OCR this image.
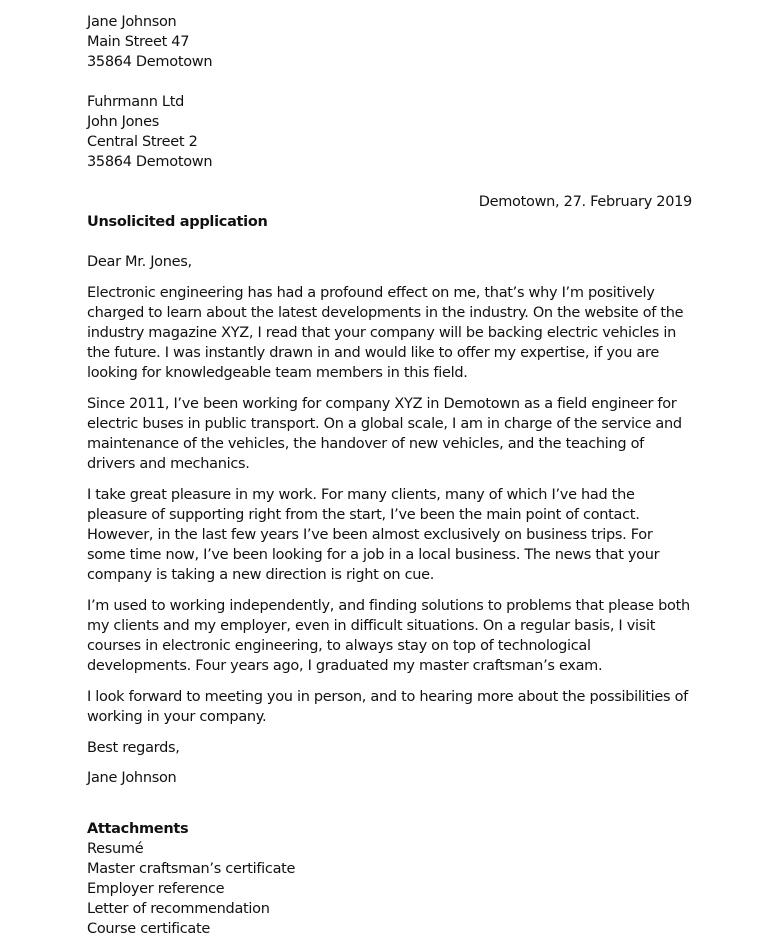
Jane Johnson
Main Street 47
35864 Demotown
Fuhrmann Ltd
John Jones
Central Street 2
35864 Demotown
Demotown, 27. February 2019
Unsolicited application
Dear Mr. Jones,
Electronic engineering has had a profound effect on me, that’s why I’m positively charged to learn about the latest developments in the industry. On the website of the industry magazine XYZ, I read that your company will be backing electric vehicles in the future. I was instantly drawn in and would like to offer my expertise, if you are looking for knowledgeable team members in this field.
Since 2011, I’ve been working for company XYZ in Demotown as a field engineer for electric buses in public transport. On a global scale, I am in charge of the service and maintenance of the vehicles, the handover of new vehicles, and the teaching of drivers and mechanics.
I take great pleasure in my work. For many clients, many of which I’ve had the pleasure of supporting right from the start, I’ve been the main point of contact. However, in the last few years I’ve been almost exclusively on business trips. For some time now, I’ve been looking for a job in a local business. The news that your company is taking a new direction is right on cue.
I’m used to working independently, and finding solutions to problems that please both my clients and my employer, even in difficult situations. On a regular basis, I visit courses in electronic engineering, to always stay on top of technological developments. Four years ago, I graduated my master craftsman’s exam.
I look forward to meeting you in person, and to hearing more about the possibilities of working in your company.
Best regards,
Jane Johnson
Attachments
Resumé
Master craftsman’s certificate
Employer reference
Letter of recommendation
Course certificate
